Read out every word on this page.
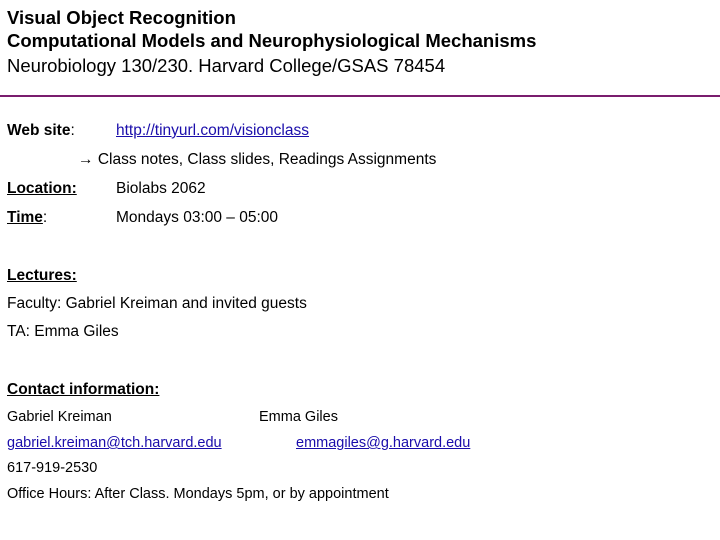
Visual Object Recognition
Computational Models and Neurophysiological Mechanisms
Neurobiology 130/230. Harvard College/GSAS 78454
Web site:	http://tinyurl.com/visionclass
→ Class notes, Class slides, Readings Assignments
Location:	Biolabs 2062
Time:	Mondays 03:00 – 05:00
Lectures:
Faculty: Gabriel Kreiman and invited guests
TA: Emma Giles
Contact information:
Gabriel Kreiman	Emma Giles
gabriel.kreiman@tch.harvard.edu	emmagiles@g.harvard.edu
617-919-2530
Office Hours: After Class. Mondays 5pm, or by appointment
